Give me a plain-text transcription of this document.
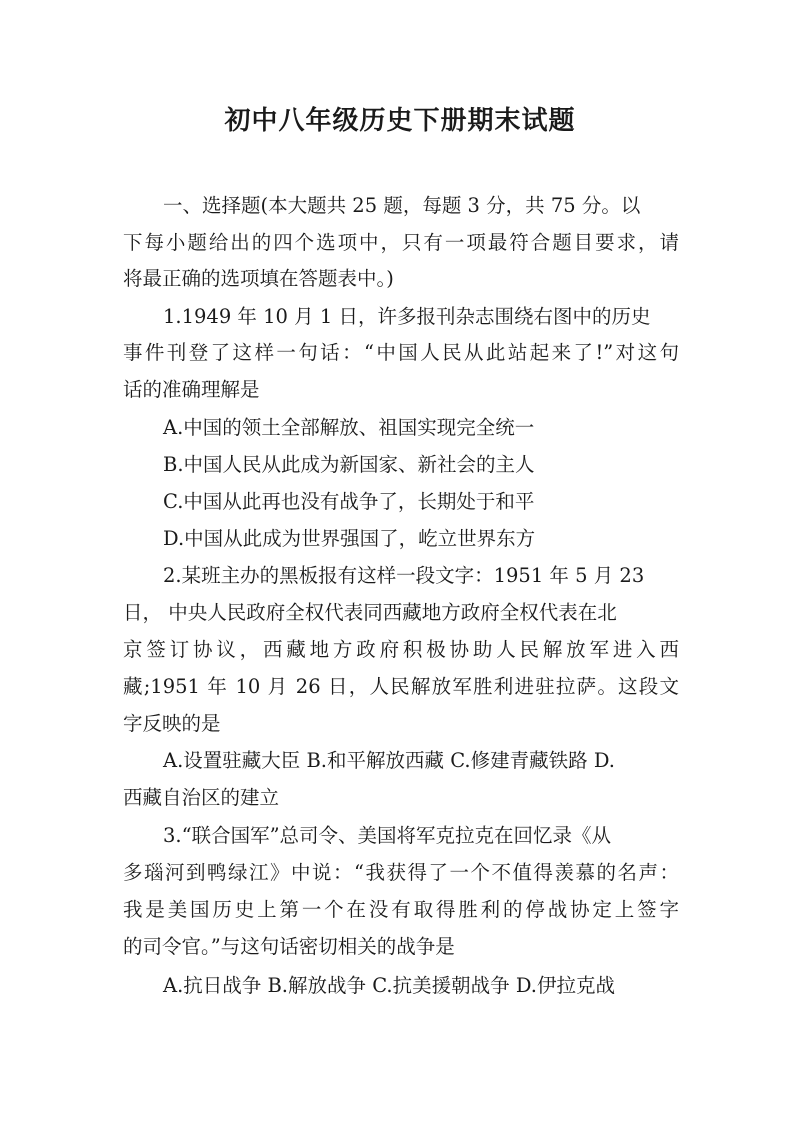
初中八年级历史下册期末试题
一、选择题(本大题共 25 题，每题 3 分，共 75 分。以
下每小题给出的四个选项中，只有一项最符合题目要求，请
将最正确的选项填在答题表中。)
1.1949 年 10 月 1 日，许多报刊杂志围绕右图中的历史
事件刊登了这样一句话：“中国人民从此站起来了!”对这句
话的准确理解是
A.中国的领土全部解放、祖国实现完全统一
B.中国人民从此成为新国家、新社会的主人
C.中国从此再也没有战争了，长期处于和平
D.中国从此成为世界强国了，屹立世界东方
2.某班主办的黑板报有这样一段文字：1951 年 5 月 23
日， 中央人民政府全权代表同西藏地方政府全权代表在北
京签订协议，西藏地方政府积极协助人民解放军进入西
藏;1951 年 10 月 26 日，人民解放军胜利进驻拉萨。这段文
字反映的是
A.设置驻藏大臣 B.和平解放西藏 C.修建青藏铁路 D.
西藏自治区的建立
3.“联合国军”总司令、美国将军克拉克在回忆录《从
多瑙河到鸭绿江》中说：“我获得了一个不值得羡慕的名声：
我是美国历史上第一个在没有取得胜利的停战协定上签字
的司令官。”与这句话密切相关的战争是
A.抗日战争 B.解放战争 C.抗美援朝战争 D.伊拉克战
